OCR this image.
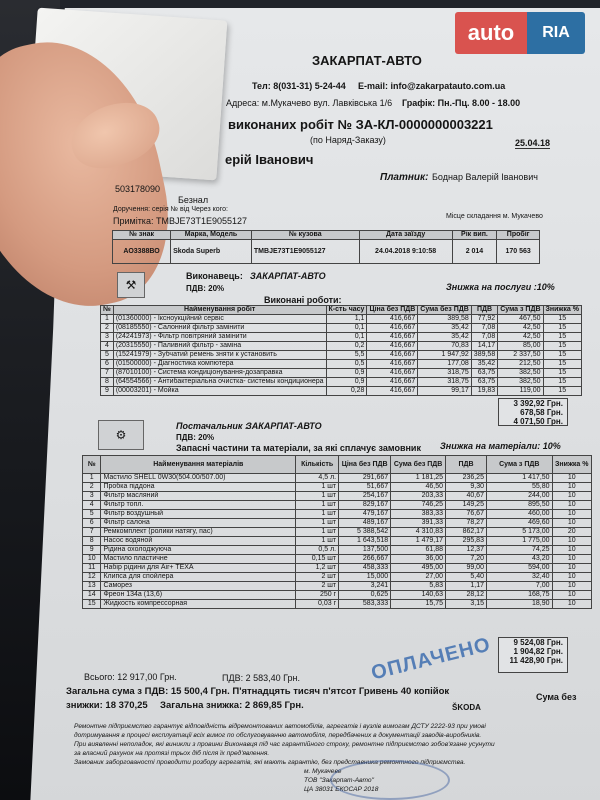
auto	RIA
ЗАКАРПАТ-АВТО
Тел: 8(031-31) 5-24-44 E-mail: info@zakarpatauto.com.ua
Адреса: м.Мукачево вул. Лавківська 1/6 Графік: Пн.-Пц. 8.00 - 18.00
виконаних робіт № ЗА-КЛ-0000000003221
(по Наряд-Заказу)	25.04.18
ерій Іванович
Платник: Боднар Валерій Іванович
503178090
Безнал
Доручення: серія № від Через кого:
Примітка: TMBJE73T1E9055127	Місце складання м. Мукачево
№ знак	Марка, Модель	№ кузова	Дата заїзду	Рік вип.	Пробіг
АО3388ВО	Skoda Superb	TMBJE73T1E9055127	24.04.2018 9:10:58	2 014	170 563
⚒
Виконавець: ЗАКАРПАТ-АВТО
ПДВ: 20%	Знижка на послуги :10%
Виконані роботи:
№	Найменування робіт	К-сть часу	Ціна без ПДВ	Сума без ПДВ	ПДВ	Сума з ПДВ	Знижка %
1	(01360000) - Іксноукційний сервіс	1,1	416,667	389,58	77,92	467,50	15
2	(08185550) - Салонний фільтр замінити	0,1	416,667	35,42	7,08	42,50	15
3	(24241973) - Фільтр повітряний замінити	0,1	416,667	35,42	7,08	42,50	15
4	(20315550) - Паливний фільтр - заміна	0,2	416,667	70,83	14,17	85,00	15
5	(15241979) - Зубчатий ремень зняти к установить	5,5	416,667	1 947,92	389,58	2 337,50	15
6	(01500000) - Діагностика компютера	0,5	416,667	177,08	35,42	212,50	15
7	(87010100) - Система кондиціонування-дозаправка	0,9	416,667	318,75	63,75	382,50	15
8	(64554566) - Антибактеріальна очистка- системы кондиционера	0,9	416,667	318,75	63,75	382,50	15
9	(00003201) - Мойка	0,28	416,667	99,17	19,83	119,00	15
3 392,92 Грн.
678,58 Грн.
4 071,50 Грн.
⚙
Постачальник :
ЗАКАРПАТ-АВТО
ПДВ: 20%
Запасні частини та матеріали, за які сплачує замовник Знижка на матеріали: 10%
№	Найменування матеріалів	Кількість	Ціна без ПДВ	Сума без ПДВ	ПДВ	Сума з ПДВ	Знижка %
1	Мастило SHELL 0W30(504.00/507.00)	4,5 л.	291,667	1 181,25	236,25	1 417,50	10
2	Пробка піддона	1 шт	51,667	46,50	9,30	55,80	10
3	Фільтр масляний	1 шт	254,167	203,33	40,67	244,00	10
4	Фільтр топл.	1 шт	829,167	746,25	149,25	895,50	10
5	Фільтр воздушный	1 шт	479,167	383,33	76,67	460,00	10
6	Фільтр салона	1 шт	489,167	391,33	78,27	469,60	10
7	Ремкомплект (ролики натягу, пас)	1 шт	5 388,542	4 310,83	862,17	5 173,00	20
8	Насос водяной	1 шт	1 643,518	1 479,17	295,83	1 775,00	10
9	Рідина охолоджуюча	0,5 л.	137,500	61,88	12,37	74,25	10
10	Мастило пластичне	0,15 шт	266,667	36,00	7,20	43,20	10
11	Набір рідини для Air+ TEXA	1,2 шт	458,333	495,00	99,00	594,00	10
12	Клипса для спойлера	2 шт	15,000	27,00	5,40	32,40	10
13	Саморез	2 шт	3,241	5,83	1,17	7,00	10
14	Фреон 134a (13,6)	250 г	0,625	140,63	28,12	168,75	10
15	Жидкость компрессорная	0,03 г	583,333	15,75	3,15	18,90	10
9 524,08 Грн.
1 904,82 Грн.
11 428,90 Грн.
Всього: 12 917,00 Грн.	ПДВ: 2 583,40 Грн.	ОПЛАЧЕНО
Загальна сума з ПДВ: 15 500,4 Грн. П'ятнадцять тисяч п'ятсот Гривень 40 копійок	Сума без
знижки: 18 370,25 Загальна знижка: 2 869,85 Грн.	ŠKODA
Ремонтне підприємство гарантує відповідність відремонтованих автомобілів, агрегатів і вузлів вимогам ДСТУ 2222-93 при умові
дотримування в процесі експлуатації всіх вимог по обслуговуванню автомобіля, передбачених в документації заводів-виробників.
При виявленні неполадок, які виникли з провини Виконавця під час гарантійного строку, ремонтне підприємство зобов'язане усунути
за власний рахунок на протязі трьох діб після їх пред'явлення.
Замовник заборгованості проводити розбору агрегатів, які мають гарантію, без представника ремонтного підприємства.
м. Мукачеве
ТОВ "Закарпат-Авто"
ЦА 38031 ЕКОСАР 2018
